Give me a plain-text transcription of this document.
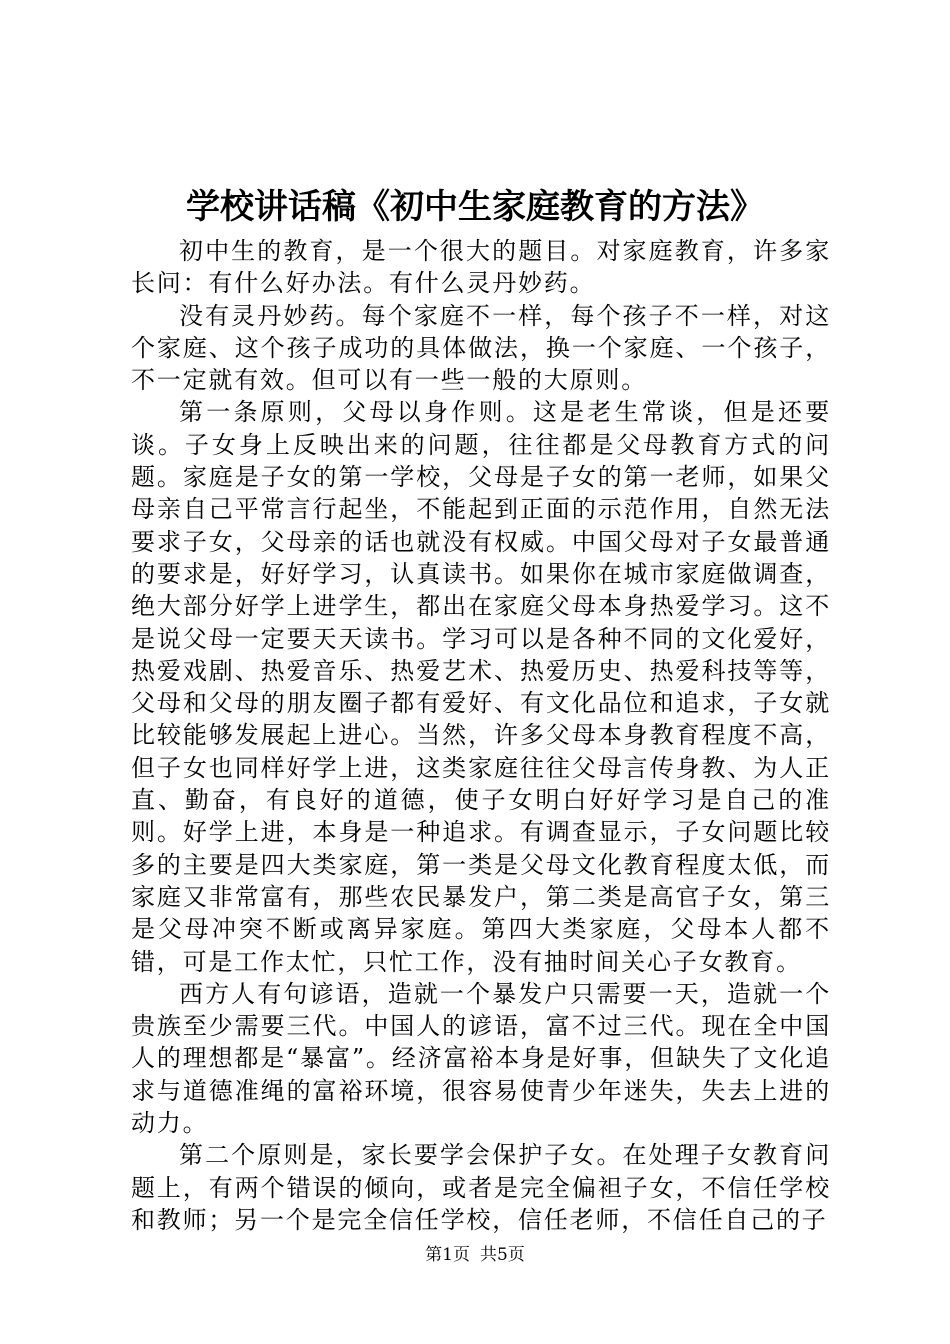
学校讲话稿《初中生家庭教育的方法》

初中生的教育，是一个很大的题目。对家庭教育，许多家长问：有什么好办法。有什么灵丹妙药。

没有灵丹妙药。每个家庭不一样，每个孩子不一样，对这个家庭、这个孩子成功的具体做法，换一个家庭、一个孩子，不一定就有效。但可以有一些一般的大原则。

第一条原则，父母以身作则。这是老生常谈，但是还要谈。子女身上反映出来的问题，往往都是父母教育方式的问题。家庭是子女的第一学校，父母是子女的第一老师，如果父母亲自己平常言行起坐，不能起到正面的示范作用，自然无法要求子女，父母亲的话也就没有权威。中国父母对子女最普通的要求是，好好学习，认真读书。如果你在城市家庭做调查，绝大部分好学上进学生，都出在家庭父母本身热爱学习。这不是说父母一定要天天读书。学习可以是各种不同的文化爱好，热爱戏剧、热爱音乐、热爱艺术、热爱历史、热爱科技等等，父母和父母的朋友圈子都有爱好、有文化品位和追求，子女就比较能够发展起上进心。当然，许多父母本身教育程度不高，但子女也同样好学上进，这类家庭往往父母言传身教、为人正直、勤奋，有良好的道德，使子女明白好好学习是自己的准则。好学上进，本身是一种追求。有调查显示，子女问题比较多的主要是四大类家庭，第一类是父母文化教育程度太低，而家庭又非常富有，那些农民暴发户，第二类是高官子女，第三是父母冲突不断或离异家庭。第四大类家庭，父母本人都不错，可是工作太忙，只忙工作，没有抽时间关心子女教育。

西方人有句谚语，造就一个暴发户只需要一天，造就一个贵族至少需要三代。中国人的谚语，富不过三代。现在全中国人的理想都是“暴富”。经济富裕本身是好事，但缺失了文化追求与道德准绳的富裕环境，很容易使青少年迷失，失去上进的动力。

第二个原则是，家长要学会保护子女。在处理子女教育问题上，有两个错误的倾向，或者是完全偏袒子女，不信任学校和教师；另一个是完全信任学校，信任老师，不信任自己的子

第1页 共5页
